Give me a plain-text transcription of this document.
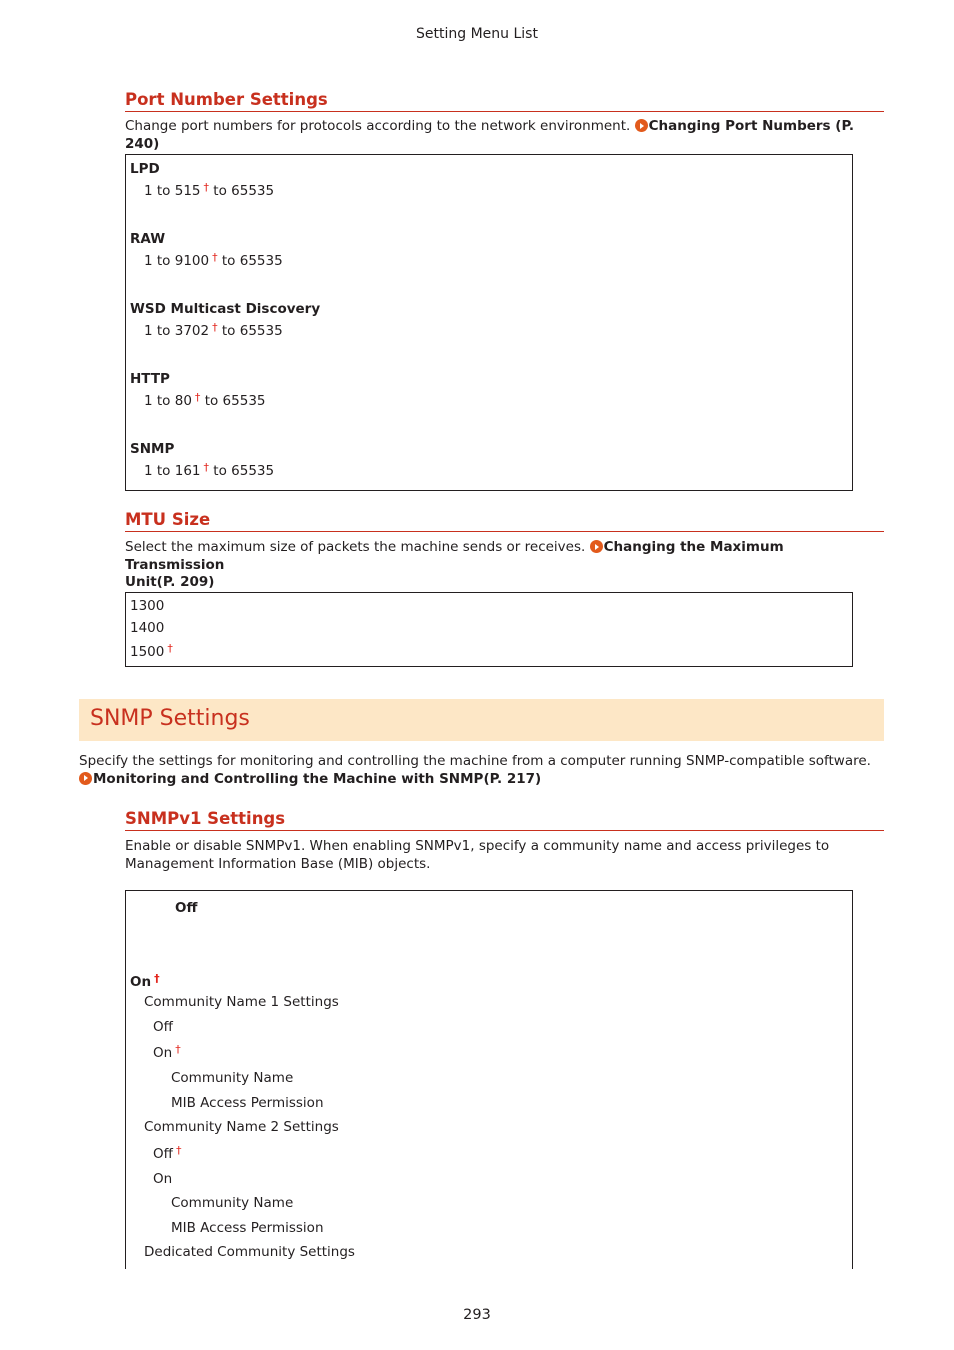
Setting Menu List
Port Number Settings
Change port numbers for protocols according to the network environment. Changing Port Numbers (P. 240)
LPD
1 to 515 † to 65535
RAW
1 to 9100 † to 65535
WSD Multicast Discovery
1 to 3702 † to 65535
HTTP
1 to 80 † to 65535
SNMP
1 to 161 † to 65535
MTU Size
Select the maximum size of packets the machine sends or receives. Changing the Maximum Transmission
Unit(P. 209)
1300
1400
1500 †
SNMP Settings
Specify the settings for monitoring and controlling the machine from a computer running SNMP-compatible software.
Monitoring and Controlling the Machine with SNMP(P. 217)
SNMPv1 Settings
Enable or disable SNMPv1. When enabling SNMPv1, specify a community name and access privileges to
Management Information Base (MIB) objects.
Off
On †
Community Name 1 Settings
Off
On †
Community Name
MIB Access Permission
Community Name 2 Settings
Off †
On
Community Name
MIB Access Permission
Dedicated Community Settings
293
